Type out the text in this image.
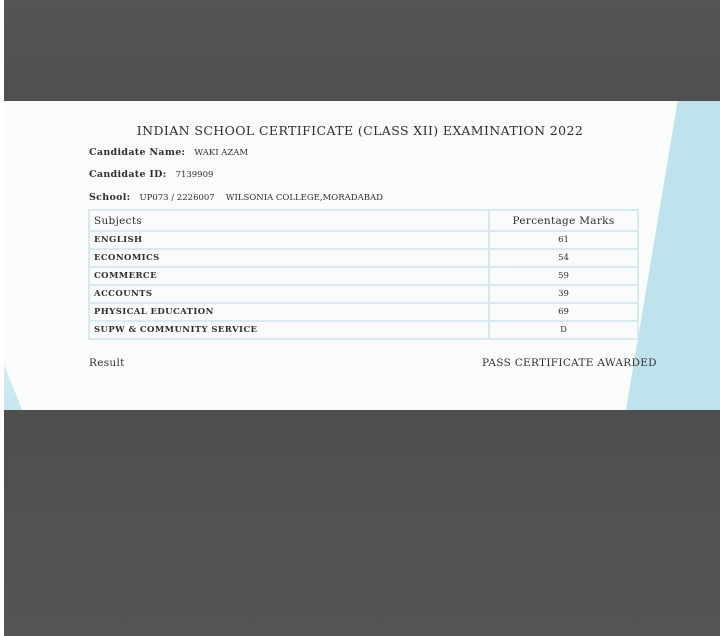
INDIAN SCHOOL CERTIFICATE (CLASS XII) EXAMINATION 2022
Candidate Name: WAKI AZAM
Candidate ID: 7139909
School: UP073 / 2226007 WILSONIA COLLEGE,MORADABAD
Subjects	Percentage Marks
ENGLISH	61
ECONOMICS	54
COMMERCE	59
ACCOUNTS	39
PHYSICAL EDUCATION	69
SUPW & COMMUNITY SERVICE	D
Result	PASS CERTIFICATE AWARDED
